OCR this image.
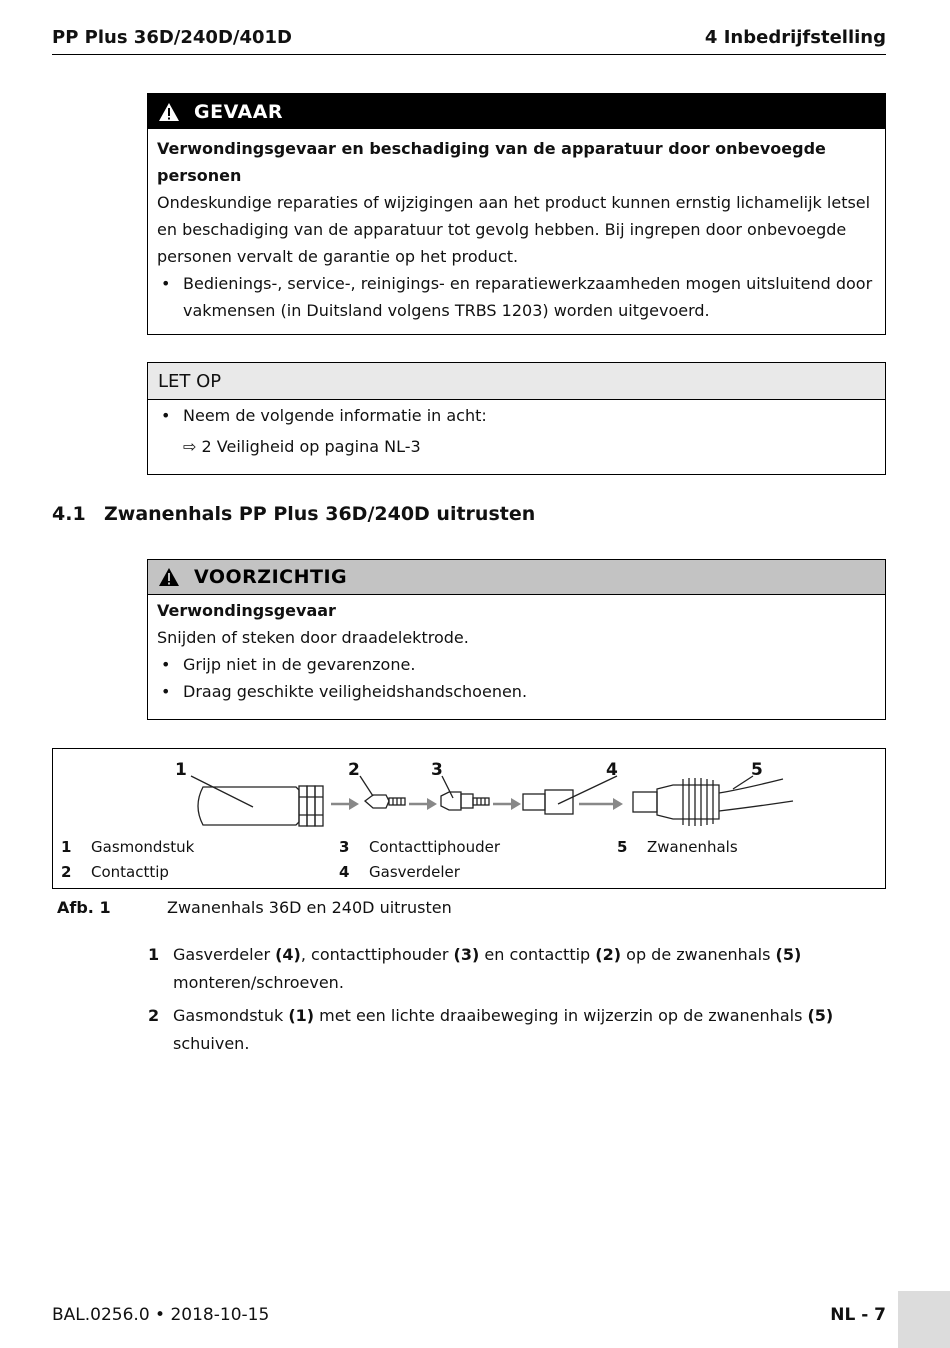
PP Plus 36D/240D/401D	4 Inbedrijfstelling
GEVAAR
Verwondingsgevaar en beschadiging van de apparatuur door onbevoegde personen
Ondeskundige reparaties of wijzigingen aan het product kunnen ernstig lichamelijk letsel en beschadiging van de apparatuur tot gevolg hebben. Bij ingrepen door onbevoegde personen vervalt de garantie op het product.
• Bedienings-, service-, reinigings- en reparatiewerkzaamheden mogen uitsluitend door vakmensen (in Duitsland volgens TRBS 1203) worden uitgevoerd.
LET OP
• Neem de volgende informatie in acht:
⇨ 2 Veiligheid op pagina NL-3
4.1 Zwanenhals PP Plus 36D/240D uitrusten
VOORZICHTIG
Verwondingsgevaar
Snijden of steken door draadelektrode.
• Grijp niet in de gevarenzone.
• Draag geschikte veiligheidshandschoenen.
1	2	3	4	5
1 Gasmondstuk
2 Contacttip
3 Contacttiphouder
4 Gasverdeler
5 Zwanenhals
Afb. 1	Zwanenhals 36D en 240D uitrusten
1 Gasverdeler (4), contacttiphouder (3) en contacttip (2) op de zwanenhals (5) monteren/schroeven.
2 Gasmondstuk (1) met een lichte draaibeweging in wijzerzin op de zwanenhals (5) schuiven.
BAL.0256.0 • 2018-10-15	NL - 7
